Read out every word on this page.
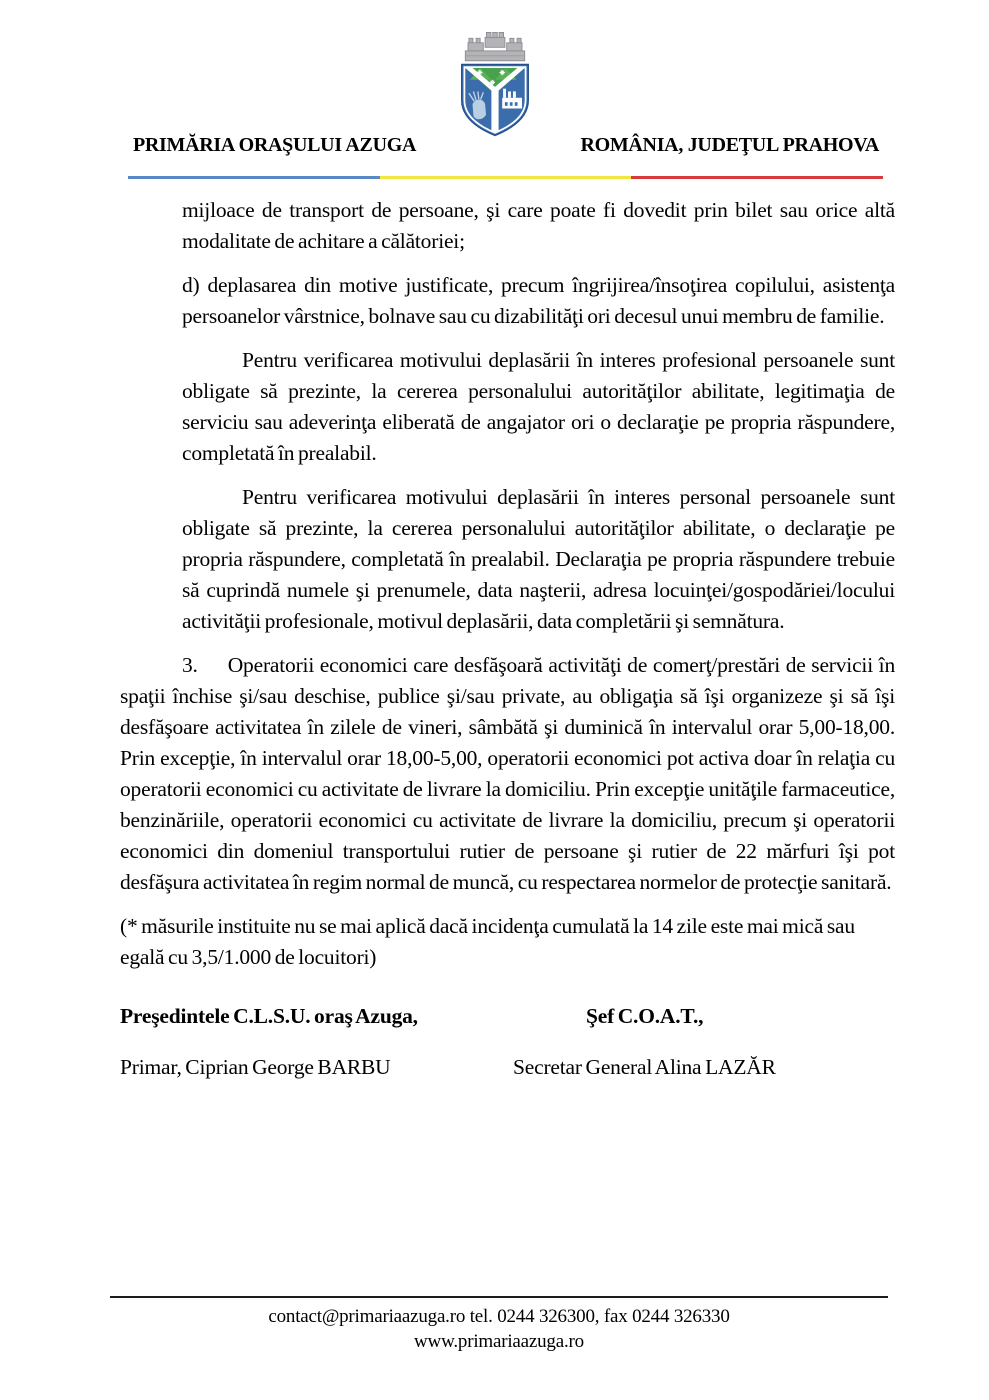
PRIMĂRIA ORAŞULUI AZUGA	ROMÂNIA, JUDEŢUL PRAHOVA

mijloace de transport de persoane, şi care poate fi dovedit prin bilet sau orice altă modalitate de achitare a călătoriei;

d) deplasarea din motive justificate, precum îngrijirea/însoţirea copilului, asistenţa persoanelor vârstnice, bolnave sau cu dizabilităţi ori decesul unui membru de familie.

Pentru verificarea motivului deplasării în interes profesional persoanele sunt obligate să prezinte, la cererea personalului autorităţilor abilitate, legitimaţia de serviciu sau adeverinţa eliberată de angajator ori o declaraţie pe propria răspundere, completată în prealabil.

Pentru verificarea motivului deplasării în interes personal persoanele sunt obligate să prezinte, la cererea personalului autorităţilor abilitate, o declaraţie pe propria răspundere, completată în prealabil. Declaraţia pe propria răspundere trebuie să cuprindă numele şi prenumele, data naşterii, adresa locuinţei/gospodăriei/locului activităţii profesionale, motivul deplasării, data completării şi semnătura.

3. Operatorii economici care desfăşoară activităţi de comerţ/prestări de servicii în spaţii închise şi/sau deschise, publice şi/sau private, au obligaţia să îşi organizeze şi să îşi desfăşoare activitatea în zilele de vineri, sâmbătă şi duminică în intervalul orar 5,00-18,00. Prin excepţie, în intervalul orar 18,00-5,00, operatorii economici pot activa doar în relaţia cu operatorii economici cu activitate de livrare la domiciliu. Prin excepţie unităţile farmaceutice, benzinăriile, operatorii economici cu activitate de livrare la domiciliu, precum şi operatorii economici din domeniul transportului rutier de persoane şi rutier de 22 mărfuri îşi pot desfăşura activitatea în regim normal de muncă, cu respectarea normelor de protecţie sanitară.

(* măsurile instituite nu se mai aplică dacă incidenţa cumulată la 14 zile este mai mică sau egală cu 3,5/1.000 de locuitori)

Preşedintele C.L.S.U. oraş Azuga,	Şef C.O.A.T.,
Primar, Ciprian George BARBU	Secretar General Alina LAZĂR
contact@primariaazuga.ro tel. 0244 326300, fax 0244 326330
www.primariaazuga.ro
